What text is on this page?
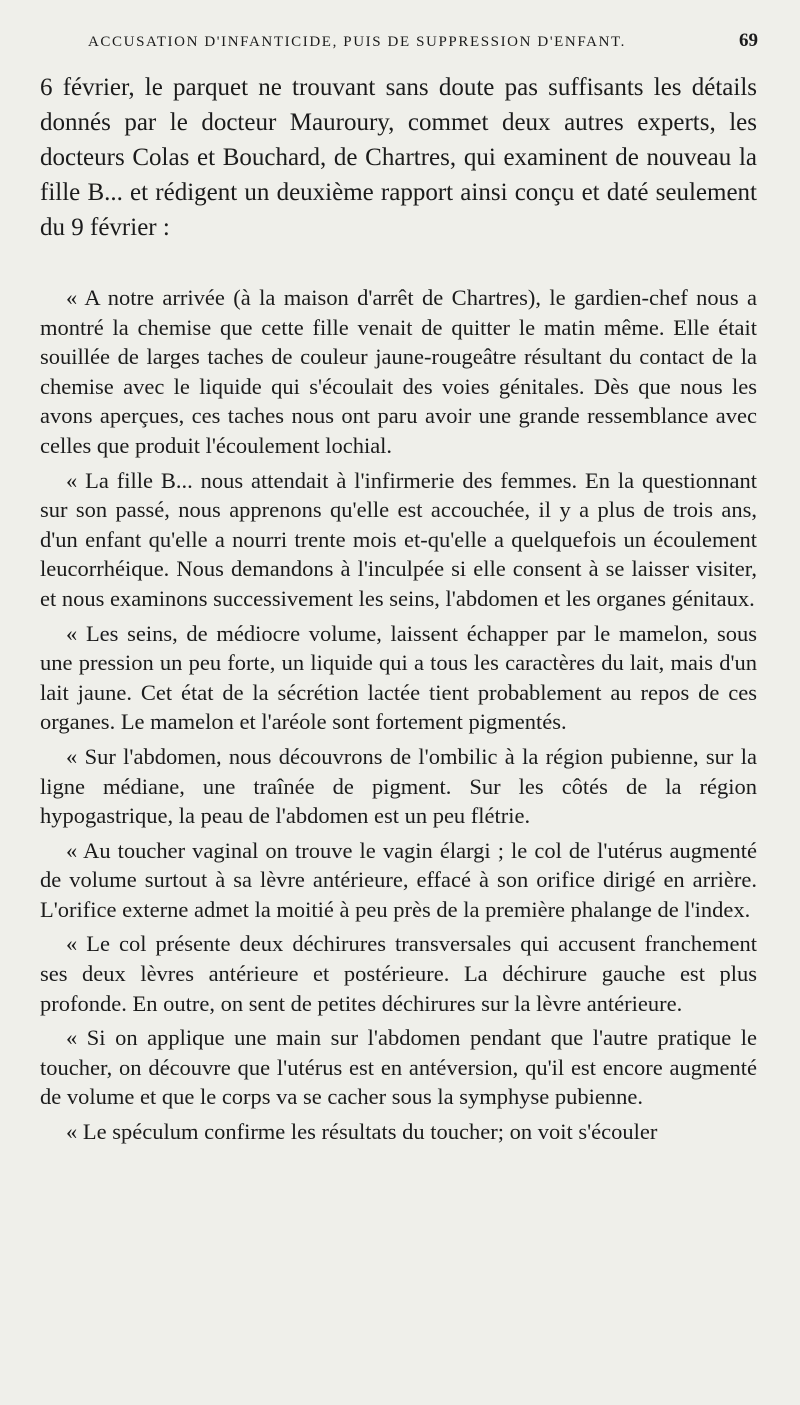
ACCUSATION D'INFANTICIDE, PUIS DE SUPPRESSION D'ENFANT.	69

6 février, le parquet ne trouvant sans doute pas suffisants les détails donnés par le docteur Mauroury, commet deux autres experts, les docteurs Colas et Bouchard, de Chartres, qui examinent de nouveau la fille B... et rédigent un deuxième rapport ainsi conçu et daté seulement du 9 février :

« A notre arrivée (à la maison d'arrêt de Chartres), le gardien-chef nous a montré la chemise que cette fille venait de quitter le matin même. Elle était souillée de larges taches de couleur jaune-rougeâtre résultant du contact de la chemise avec le liquide qui s'écoulait des voies génitales. Dès que nous les avons aperçues, ces taches nous ont paru avoir une grande ressemblance avec celles que produit l'écoulement lochial.

« La fille B... nous attendait à l'infirmerie des femmes. En la questionnant sur son passé, nous apprenons qu'elle est accouchée, il y a plus de trois ans, d'un enfant qu'elle a nourri trente mois et-qu'elle a quelquefois un écoulement leucorrhéique. Nous demandons à l'inculpée si elle consent à se laisser visiter, et nous examinons successivement les seins, l'abdomen et les organes génitaux.

« Les seins, de médiocre volume, laissent échapper par le mamelon, sous une pression un peu forte, un liquide qui a tous les caractères du lait, mais d'un lait jaune. Cet état de la sécrétion lactée tient probablement au repos de ces organes. Le mamelon et l'aréole sont fortement pigmentés.

« Sur l'abdomen, nous découvrons de l'ombilic à la région pubienne, sur la ligne médiane, une traînée de pigment. Sur les côtés de la région hypogastrique, la peau de l'abdomen est un peu flétrie.

« Au toucher vaginal on trouve le vagin élargi ; le col de l'utérus augmenté de volume surtout à sa lèvre antérieure, effacé à son orifice dirigé en arrière. L'orifice externe admet la moitié à peu près de la première phalange de l'index.

« Le col présente deux déchirures transversales qui accusent franchement ses deux lèvres antérieure et postérieure. La déchirure gauche est plus profonde. En outre, on sent de petites déchirures sur la lèvre antérieure.

« Si on applique une main sur l'abdomen pendant que l'autre pratique le toucher, on découvre que l'utérus est en antéversion, qu'il est encore augmenté de volume et que le corps va se cacher sous la symphyse pubienne.

« Le spéculum confirme les résultats du toucher; on voit s'écouler
